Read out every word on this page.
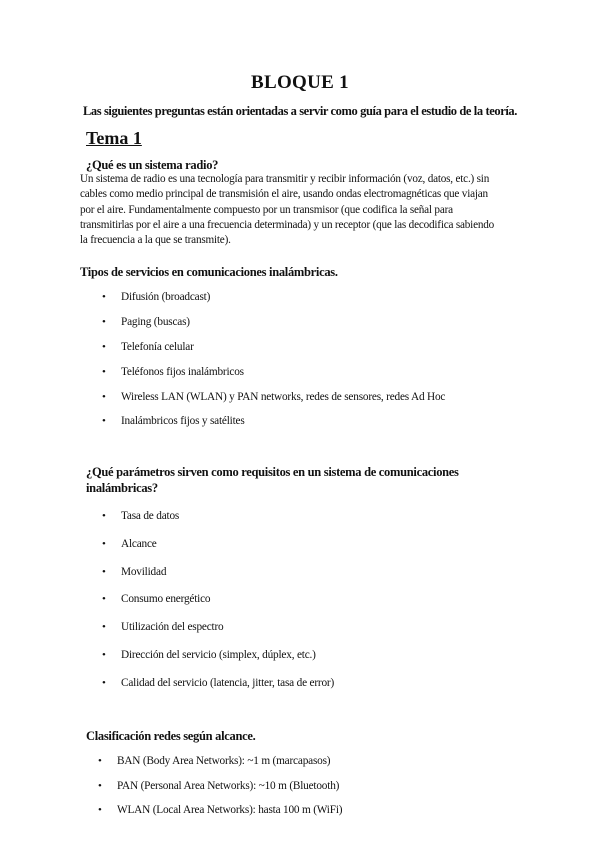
BLOQUE 1
Las siguientes preguntas están orientadas a servir como guía para el estudio de la teoría.
Tema 1
¿Qué es un sistema radio?
Un sistema de radio es una tecnología para transmitir y recibir información (voz, datos, etc.) sin
cables como medio principal de transmisión el aire, usando ondas electromagnéticas que viajan
por el aire. Fundamentalmente compuesto por un transmisor (que codifica la señal para
transmitirlas por el aire a una frecuencia determinada) y un receptor (que las decodifica sabiendo
la frecuencia a la que se transmite).
Tipos de servicios en comunicaciones inalámbricas.
• Difusión (broadcast)
• Paging (buscas)
• Telefonía celular
• Teléfonos fijos inalámbricos
• Wireless LAN (WLAN) y PAN networks, redes de sensores, redes Ad Hoc
• Inalámbricos fijos y satélites
¿Qué parámetros sirven como requisitos en un sistema de comunicaciones inalámbricas?
• Tasa de datos
• Alcance
• Movilidad
• Consumo energético
• Utilización del espectro
• Dirección del servicio (simplex, dúplex, etc.)
• Calidad del servicio (latencia, jitter, tasa de error)
Clasificación redes según alcance.
• BAN (Body Area Networks): ~1 m (marcapasos)
• PAN (Personal Area Networks): ~10 m (Bluetooth)
• WLAN (Local Area Networks): hasta 100 m (WiFi)
